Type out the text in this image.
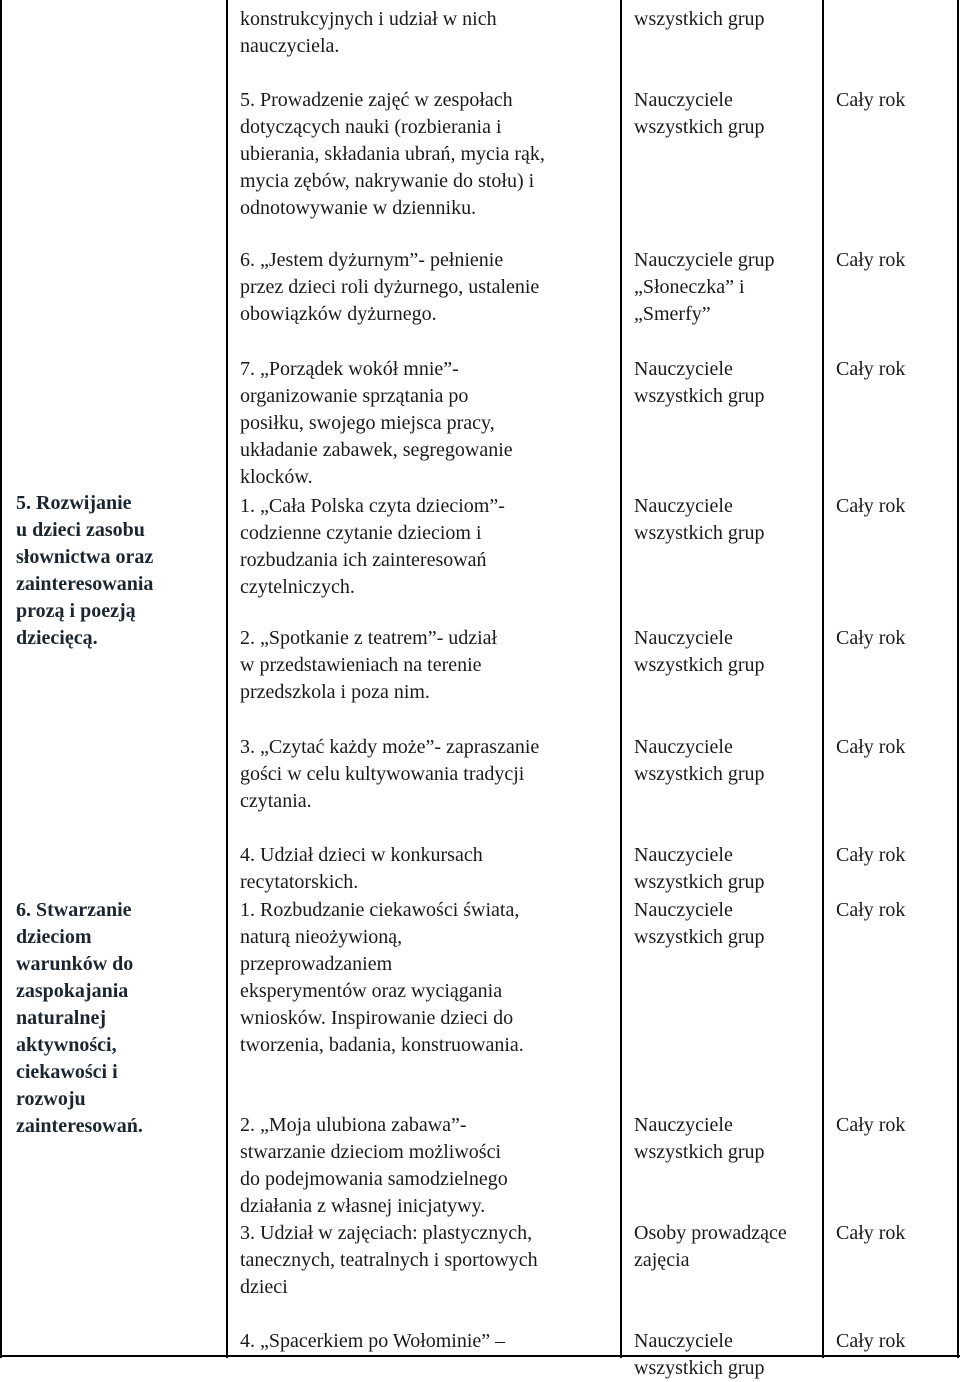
5. Rozwijanie
u dzieci zasobu
słownictwa oraz
zainteresowania
prozą i poezją
dziecięcą.
6. Stwarzanie
dzieciom
warunków do
zaspokajania
naturalnej
aktywności,
ciekawości i
rozwoju
zainteresowań.
konstrukcyjnych i udział w nich
nauczyciela.
wszystkich grup
5. Prowadzenie zajęć w zespołach
dotyczących nauki (rozbierania i
ubierania, składania ubrań, mycia rąk,
mycia zębów, nakrywanie do stołu) i
odnotowywanie w dzienniku.
Nauczyciele
wszystkich grup
Cały rok
6. „Jestem dyżurnym”- pełnienie
przez dzieci roli dyżurnego, ustalenie
obowiązków dyżurnego.
Nauczyciele grup
„Słoneczka” i
„Smerfy”
Cały rok
7. „Porządek wokół mnie”-
organizowanie sprzątania po
posiłku, swojego miejsca pracy,
układanie zabawek, segregowanie
klocków.
Nauczyciele
wszystkich grup
Cały rok
1. „Cała Polska czyta dzieciom”-
codzienne czytanie dzieciom i
rozbudzania ich zainteresowań
czytelniczych.
Nauczyciele
wszystkich grup
Cały rok
2. „Spotkanie z teatrem”- udział
w przedstawieniach na terenie
przedszkola i poza nim.
Nauczyciele
wszystkich grup
Cały rok
3. „Czytać każdy może”- zapraszanie
gości w celu kultywowania tradycji
czytania.
Nauczyciele
wszystkich grup
Cały rok
4. Udział dzieci w konkursach
recytatorskich.
Nauczyciele
wszystkich grup
Cały rok
1. Rozbudzanie ciekawości świata,
naturą nieożywioną,
przeprowadzaniem
eksperymentów oraz wyciągania
wniosków. Inspirowanie dzieci do
tworzenia, badania, konstruowania.
Nauczyciele
wszystkich grup
Cały rok
2. „Moja ulubiona zabawa”-
stwarzanie dzieciom możliwości
do podejmowania samodzielnego
działania z własnej inicjatywy.
Nauczyciele
wszystkich grup
Cały rok
3. Udział w zajęciach: plastycznych,
tanecznych, teatralnych i sportowych
dzieci
Osoby prowadzące
zajęcia
Cały rok
4. „Spacerkiem po Wołominie” –	Nauczyciele
wszystkich grup
Cały rok
